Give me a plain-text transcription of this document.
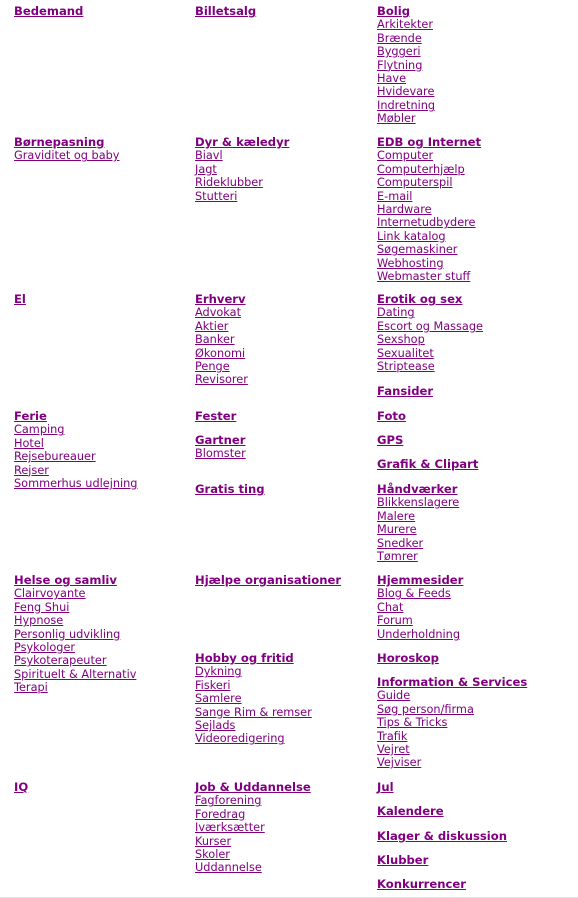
Bedemand
Børnepasning
Graviditet og baby
El
Ferie
Camping
Hotel
Rejsebureauer
Rejser
Sommerhus udlejning
Helse og samliv
Clairvoyante
Feng Shui
Hypnose
Personlig udvikling
Psykologer
Psykoterapeuter
Spirituelt & Alternativ
Terapi
IQ
Billetsalg
Dyr & kæledyr
Biavl
Jagt
Rideklubber
Stutteri
Erhverv
Advokat
Aktier
Banker
Økonomi
Penge
Revisorer
Fester
Gartner
Blomster
Gratis ting
Hjælpe organisationer
Hobby og fritid
Dykning
Fiskeri
Samlere
Sange Rim & remser
Sejlads
Videoredigering
Job & Uddannelse
Fagforening
Foredrag
Iværksætter
Kurser
Skoler
Uddannelse
Bolig
Arkitekter
Brænde
Byggeri
Flytning
Have
Hvidevare
Indretning
Møbler
EDB og Internet
Computer
Computerhjælp
Computerspil
E-mail
Hardware
Internetudbydere
Link katalog
Søgemaskiner
Webhosting
Webmaster stuff
Erotik og sex
Dating
Escort og Massage
Sexshop
Sexualitet
Striptease
Fansider
Foto
GPS
Grafik & Clipart
Håndværker
Blikkenslagere
Malere
Murere
Snedker
Tømrer
Hjemmesider
Blog & Feeds
Chat
Forum
Underholdning
Horoskop
Information & Services
Guide
Søg person/firma
Tips & Tricks
Trafik
Vejret
Vejviser
Jul
Kalendere
Klager & diskussion
Klubber
Konkurrencer
